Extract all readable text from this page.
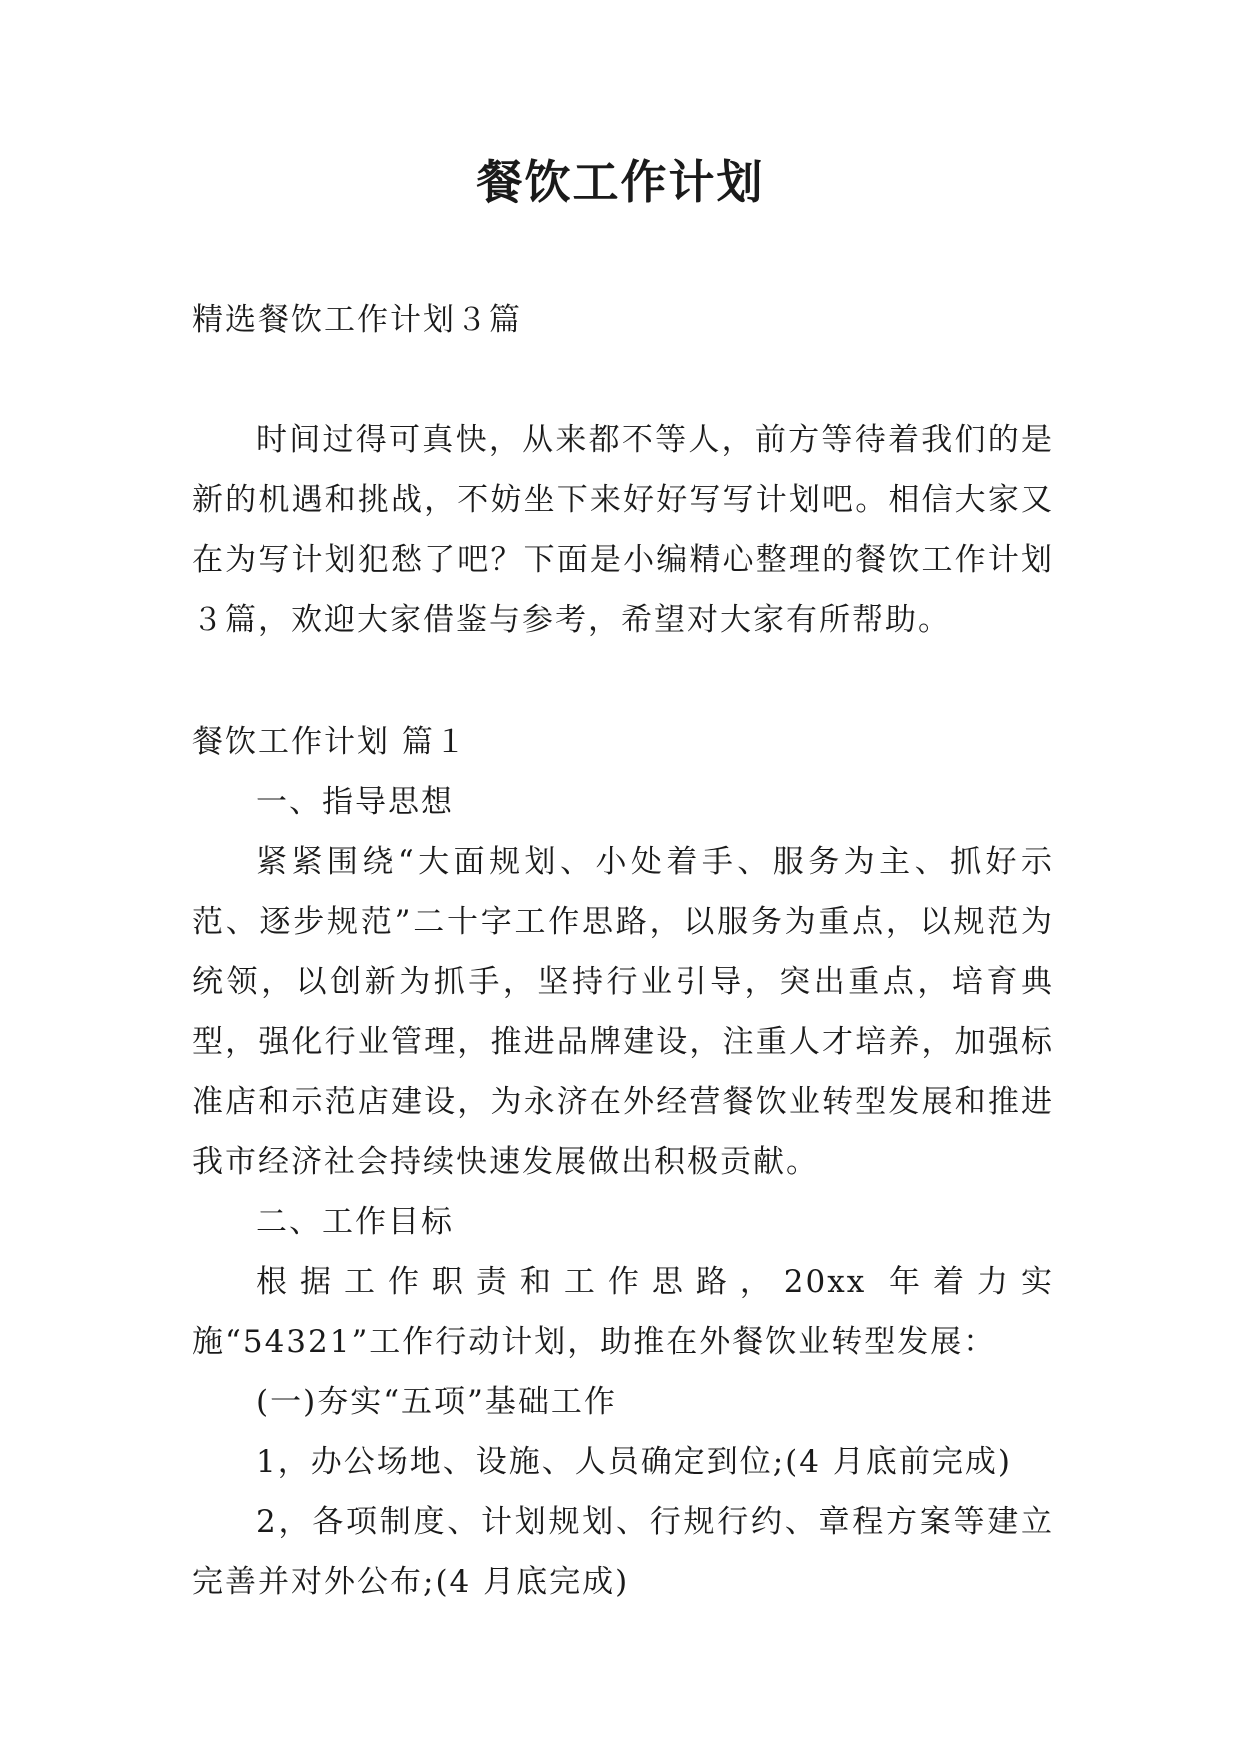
餐饮工作计划

精选餐饮工作计划３篇

时间过得可真快，从来都不等人，前方等待着我们的是新的机遇和挑战，不妨坐下来好好写写计划吧。相信大家又在为写计划犯愁了吧？下面是小编精心整理的餐饮工作计划３篇，欢迎大家借鉴与参考，希望对大家有所帮助。

餐饮工作计划 篇１

一、指导思想

紧紧围绕“大面规划、小处着手、服务为主、抓好示范、逐步规范”二十字工作思路，以服务为重点，以规范为统领，以创新为抓手，坚持行业引导，突出重点，培育典型，强化行业管理，推进品牌建设，注重人才培养，加强标准店和示范店建设，为永济在外经营餐饮业转型发展和推进我市经济社会持续快速发展做出积极贡献。

二、工作目标

根据工作职责和工作思路，20xx 年着力实施“54321”工作行动计划，助推在外餐饮业转型发展：

(一)夯实“五项”基础工作

1，办公场地、设施、人员确定到位;(4 月底前完成)

2，各项制度、计划规划、行规行约、章程方案等建立完善并对外公布;(4 月底完成)
